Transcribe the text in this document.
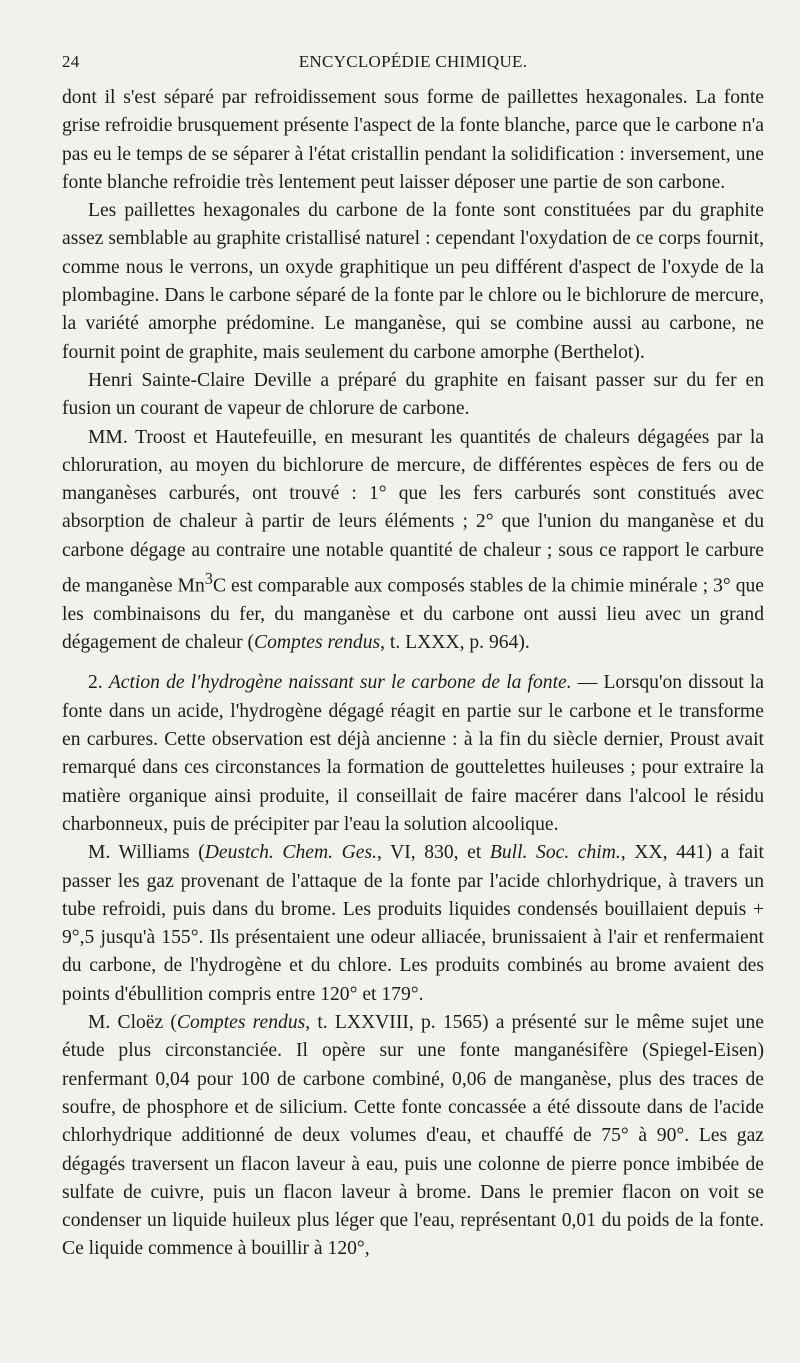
24	ENCYCLOPÉDIE CHIMIQUE.

dont il s'est séparé par refroidissement sous forme de paillettes hexagonales. La fonte grise refroidie brusquement présente l'aspect de la fonte blanche, parce que le carbone n'a pas eu le temps de se séparer à l'état cristallin pendant la solidification : inversement, une fonte blanche refroidie très lentement peut laisser déposer une partie de son carbone.

Les paillettes hexagonales du carbone de la fonte sont constituées par du graphite assez semblable au graphite cristallisé naturel : cependant l'oxydation de ce corps fournit, comme nous le verrons, un oxyde graphitique un peu différent d'aspect de l'oxyde de la plombagine. Dans le carbone séparé de la fonte par le chlore ou le bichlorure de mercure, la variété amorphe prédomine. Le manganèse, qui se combine aussi au carbone, ne fournit point de graphite, mais seulement du carbone amorphe (Berthelot).

Henri Sainte-Claire Deville a préparé du graphite en faisant passer sur du fer en fusion un courant de vapeur de chlorure de carbone.

MM. Troost et Hautefeuille, en mesurant les quantités de chaleurs dégagées par la chloruration, au moyen du bichlorure de mercure, de différentes espèces de fers ou de manganèses carburés, ont trouvé : 1° que les fers carburés sont constitués avec absorption de chaleur à partir de leurs éléments ; 2° que l'union du manganèse et du carbone dégage au contraire une notable quantité de chaleur ; sous ce rapport le carbure de manganèse Mn$^3$C est comparable aux composés stables de la chimie minérale ; 3° que les combinaisons du fer, du manganèse et du carbone ont aussi lieu avec un grand dégagement de chaleur (Comptes rendus, t. LXXX, p. 964).

2. Action de l'hydrogène naissant sur le carbone de la fonte. — Lorsqu'on dissout la fonte dans un acide, l'hydrogène dégagé réagit en partie sur le carbone et le transforme en carbures. Cette observation est déjà ancienne : à la fin du siècle dernier, Proust avait remarqué dans ces circonstances la formation de gouttelettes huileuses ; pour extraire la matière organique ainsi produite, il conseillait de faire macérer dans l'alcool le résidu charbonneux, puis de précipiter par l'eau la solution alcoolique.

M. Williams (Deustch. Chem. Ges., VI, 830, et Bull. Soc. chim., XX, 441) a fait passer les gaz provenant de l'attaque de la fonte par l'acide chlorhydrique, à travers un tube refroidi, puis dans du brome. Les produits liquides condensés bouillaient depuis + 9°,5 jusqu'à 155°. Ils présentaient une odeur alliacée, brunissaient à l'air et renfermaient du carbone, de l'hydrogène et du chlore. Les produits combinés au brome avaient des points d'ébullition compris entre 120° et 179°.

M. Cloëz (Comptes rendus, t. LXXVIII, p. 1565) a présenté sur le même sujet une étude plus circonstanciée. Il opère sur une fonte manganésifère (Spiegel-Eisen) renfermant 0,04 pour 100 de carbone combiné, 0,06 de manganèse, plus des traces de soufre, de phosphore et de silicium. Cette fonte concassée a été dissoute dans de l'acide chlorhydrique additionné de deux volumes d'eau, et chauffé de 75° à 90°. Les gaz dégagés traversent un flacon laveur à eau, puis une colonne de pierre ponce imbibée de sulfate de cuivre, puis un flacon laveur à brome. Dans le premier flacon on voit se condenser un liquide huileux plus léger que l'eau, représentant 0,01 du poids de la fonte. Ce liquide commence à bouillir à 120°,
